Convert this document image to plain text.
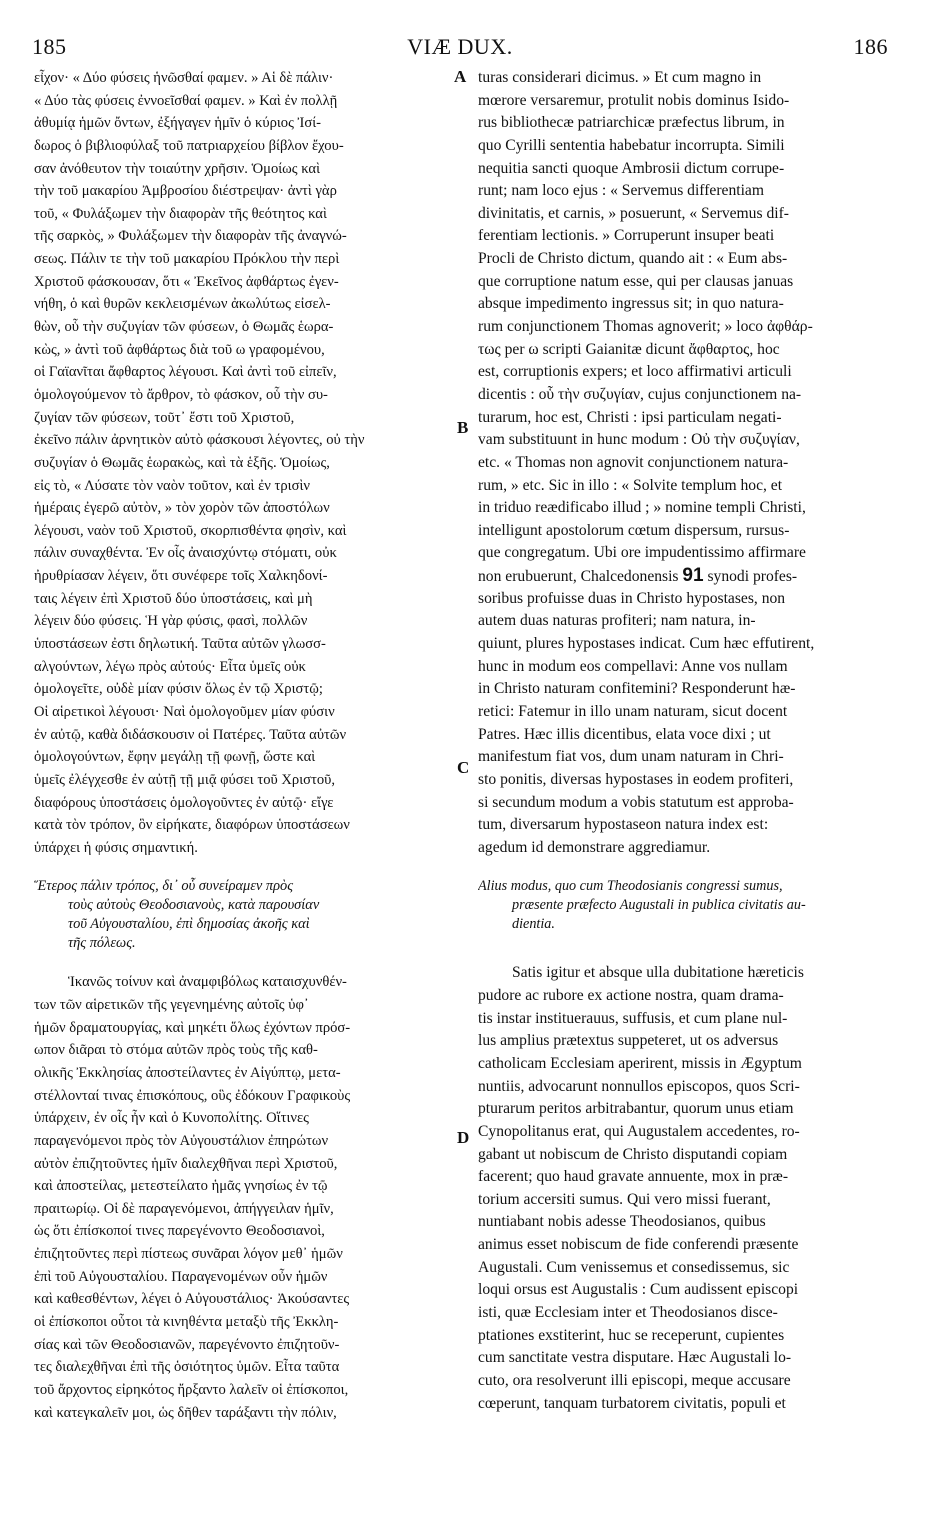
185	VIÆ DUX.	186
A
B
C
D
εἶχον· « Δύο φύσεις ἡνῶσθαί φαμεν. » Αἱ δὲ πάλιν·
« Δύο τὰς φύσεις ἐννοεῖσθαί φαμεν. » Καὶ ἐν πολλῇ
ἀθυμίᾳ ἡμῶν ὄντων, ἐξήγαγεν ἡμῖν ὁ κύριος Ἰσί-
δωρος ὁ βιβλιοφύλαξ τοῦ πατριαρχείου βίβλον ἔχου-
σαν ἀνόθευτον τὴν τοιαύτην χρῆσιν. Ὁμοίως καὶ
τὴν τοῦ μακαρίου Ἀμβροσίου διέστρεψαν· ἀντὶ γὰρ
τοῦ, « Φυλάξωμεν τὴν διαφορὰν τῆς θεότητος καὶ
τῆς σαρκὸς, » Φυλάξωμεν τὴν διαφορὰν τῆς ἀναγνώ-
σεως. Πάλιν τε τὴν τοῦ μακαρίου Πρόκλου τὴν περὶ
Χριστοῦ φάσκουσαν, ὅτι « Ἐκεῖνος ἀφθάρτως ἐγεν-
νήθη, ὁ καὶ θυρῶν κεκλεισμένων ἀκωλύτως εἰσελ-
θὼν, οὗ τὴν συζυγίαν τῶν φύσεων, ὁ Θωμᾶς ἑωρα-
κὼς, » ἀντὶ τοῦ ἀφθάρτως διὰ τοῦ ω γραφομένου,
οἱ Γαϊανῖται ἄφθαρτος λέγουσι. Καὶ ἀντὶ τοῦ εἰπεῖν,
ὁμολογούμενον τὸ ἄρθρον, τὸ φάσκον, οὗ τὴν συ-
ζυγίαν τῶν φύσεων, τοῦτ᾽ ἔστι τοῦ Χριστοῦ,
ἐκεῖνο πάλιν ἀρνητικὸν αὐτὸ φάσκουσι λέγοντες, οὐ τὴν
συζυγίαν ὁ Θωμᾶς ἑωρακὼς, καὶ τὰ ἑξῆς. Ὁμοίως,
εἰς τὸ, « Λύσατε τὸν ναὸν τοῦτον, καὶ ἐν τρισὶν
ἡμέραις ἐγερῶ αὐτὸν, » τὸν χορὸν τῶν ἀποστόλων
λέγουσι, ναὸν τοῦ Χριστοῦ, σκορπισθέντα φησὶν, καὶ
πάλιν συναχθέντα. Ἐν οἷς ἀναισχύντῳ στόματι, οὐκ
ἠρυθρίασαν λέγειν, ὅτι συνέφερε τοῖς Χαλκηδονί-
ταις λέγειν ἐπὶ Χριστοῦ δύο ὑποστάσεις, καὶ μὴ
λέγειν δύο φύσεις. Ἡ γὰρ φύσις, φασὶ, πολλῶν
ὑποστάσεων ἐστι δηλωτική. Ταῦτα αὐτῶν γλωσσ-
αλγούντων, λέγω πρὸς αὐτούς· Εἶτα ὑμεῖς οὐκ
ὁμολογεῖτε, οὐδὲ μίαν φύσιν ὅλως ἐν τῷ Χριστῷ;
Οἱ αἱρετικοὶ λέγουσι· Ναὶ ὁμολογοῦμεν μίαν φύσιν
ἐν αὐτῷ, καθὰ διδάσκουσιν οἱ Πατέρες. Ταῦτα αὐτῶν
ὁμολογούντων, ἔφην μεγάλῃ τῇ φωνῇ, ὥστε καὶ
ὑμεῖς ἐλέγχεσθε ἐν αὐτῇ τῇ μιᾷ φύσει τοῦ Χριστοῦ,
διαφόρους ὑποστάσεις ὁμολογοῦντες ἐν αὐτῷ· εἴγε
κατὰ τὸν τρόπον, ὃν εἰρήκατε, διαφόρων ὑποστάσεων
ὑπάρχει ἡ φύσις σημαντική.
Ἕτερος πάλιν τρόπος, δι᾽ οὗ συνείραμεν πρὸς
τοὺς αὐτοὺς Θεοδοσιανοὺς, κατὰ παρουσίαν
τοῦ Αὐγουσταλίου, ἐπὶ δημοσίας ἀκοῆς καὶ
τῆς πόλεως.
Ἱκανῶς τοίνυν καὶ ἀναμφιβόλως καταισχυνθέν-
των τῶν αἱρετικῶν τῆς γεγενημένης αὐτοῖς ὑφ᾽
ἡμῶν δραματουργίας, καὶ μηκέτι ὅλως ἐχόντων πρόσ-
ωπον διᾶραι τὸ στόμα αὐτῶν πρὸς τοὺς τῆς καθ-
ολικῆς Ἐκκλησίας ἀποστείλαντες ἐν Αἰγύπτῳ, μετα-
στέλλονταί τινας ἐπισκόπους, οὓς ἐδόκουν Γραφικοὺς
ὑπάρχειν, ἐν οἷς ἦν καὶ ὁ Κυνοπολίτης. Οἵτινες
παραγενόμενοι πρὸς τὸν Αὐγουστάλιον ἐπηρώτων
αὐτὸν ἐπιζητοῦντες ἡμῖν διαλεχθῆναι περὶ Χριστοῦ,
καὶ ἀποστείλας, μετεστείλατο ἡμᾶς γνησίως ἐν τῷ
πραιτωρίῳ. Οἱ δὲ παραγενόμενοι, ἀπήγγειλαν ἡμῖν,
ὡς ὅτι ἐπίσκοποί τινες παρεγένοντο Θεοδοσιανοὶ,
ἐπιζητοῦντες περὶ πίστεως συνᾶραι λόγον μεθ᾽ ἡμῶν
ἐπὶ τοῦ Αὐγουσταλίου. Παραγενομένων οὖν ἡμῶν
καὶ καθεσθέντων, λέγει ὁ Αὐγουστάλιος· Ἀκούσαντες
οἱ ἐπίσκοποι οὗτοι τὰ κινηθέντα μεταξὺ τῆς Ἐκκλη-
σίας καὶ τῶν Θεοδοσιανῶν, παρεγένοντο ἐπιζητοῦν-
τες διαλεχθῆναι ἐπὶ τῆς ὁσιότητος ὑμῶν. Εἶτα ταῦτα
τοῦ ἄρχοντος εἰρηκότος ἤρξαντο λαλεῖν οἱ ἐπίσκοποι,
καὶ κατεγκαλεῖν μοι, ὡς δῆθεν ταράξαντι τὴν πόλιν,
turas considerari dicimus. » Et cum magno in
mœrore versaremur, protulit nobis dominus Isido-
rus bibliothecæ patriarchicæ præfectus librum, in
quo Cyrilli sententia habebatur incorrupta. Simili
nequitia sancti quoque Ambrosii dictum corrupe-
runt; nam loco ejus : « Servemus differentiam
divinitatis, et carnis, » posuerunt, « Servemus dif-
ferentiam lectionis. » Corruperunt insuper beati
Procli de Christo dictum, quando ait : « Eum abs-
que corruptione natum esse, qui per clausas januas
absque impedimento ingressus sit; in quo natura-
rum conjunctionem Thomas agnoverit; » loco ἀφθάρ-
τως per ω scripti Gaianitæ dicunt ἄφθαρτος, hoc
est, corruptionis expers; et loco affirmativi articuli
dicentis : οὗ τὴν συζυγίαν, cujus conjunctionem na-
turarum, hoc est, Christi : ipsi particulam negati-
vam substituunt in hunc modum : Οὐ τὴν συζυγίαν,
etc. « Thomas non agnovit conjunctionem natura-
rum, » etc. Sic in illo : « Solvite templum hoc, et
in triduo reædificabo illud ; » nomine templi Christi,
intelligunt apostolorum cœtum dispersum, rursus-
que congregatum. Ubi ore impudentissimo affirmare
non erubuerunt, Chalcedonensis 91 synodi profes-
soribus profuisse duas in Christo hypostases, non
autem duas naturas profiteri; nam natura, in-
quiunt, plures hypostases indicat. Cum hæc effutirent,
hunc in modum eos compellavi: Anne vos nullam
in Christo naturam confitemini? Responderunt hæ-
retici: Fatemur in illo unam naturam, sicut docent
Patres. Hæc illis dicentibus, elata voce dixi ; ut
manifestum fiat vos, dum unam naturam in Chri-
sto ponitis, diversas hypostases in eodem profiteri,
si secundum modum a vobis statutum est approba-
tum, diversarum hypostaseon natura index est:
agedum id demonstrare aggrediamur.
Alius modus, quo cum Theodosianis congressi sumus,
præsente præfecto Augustali in publica civitatis au-
dientia.
Satis igitur et absque ulla dubitatione hæreticis
pudore ac rubore ex actione nostra, quam drama-
tis instar instituerauus, suffusis, et cum plane nul-
lus amplius prætextus suppeteret, ut os adversus
catholicam Ecclesiam aperirent, missis in Ægyptum
nuntiis, advocarunt nonnullos episcopos, quos Scri-
pturarum peritos arbitrabantur, quorum unus etiam
Cynopolitanus erat, qui Augustalem accedentes, ro-
gabant ut nobiscum de Christo disputandi copiam
facerent; quo haud gravate annuente, mox in præ-
torium accersiti sumus. Qui vero missi fuerant,
nuntiabant nobis adesse Theodosianos, quibus
animus esset nobiscum de fide conferendi præsente
Augustali. Cum venissemus et consedissemus, sic
loqui orsus est Augustalis : Cum audissent episcopi
isti, quæ Ecclesiam inter et Theodosianos disce-
ptationes exstiterint, huc se receperunt, cupientes
cum sanctitate vestra disputare. Hæc Augustali lo-
cuto, ora resolverunt illi episcopi, meque accusare
cœperunt, tanquam turbatorem civitatis, populi et
